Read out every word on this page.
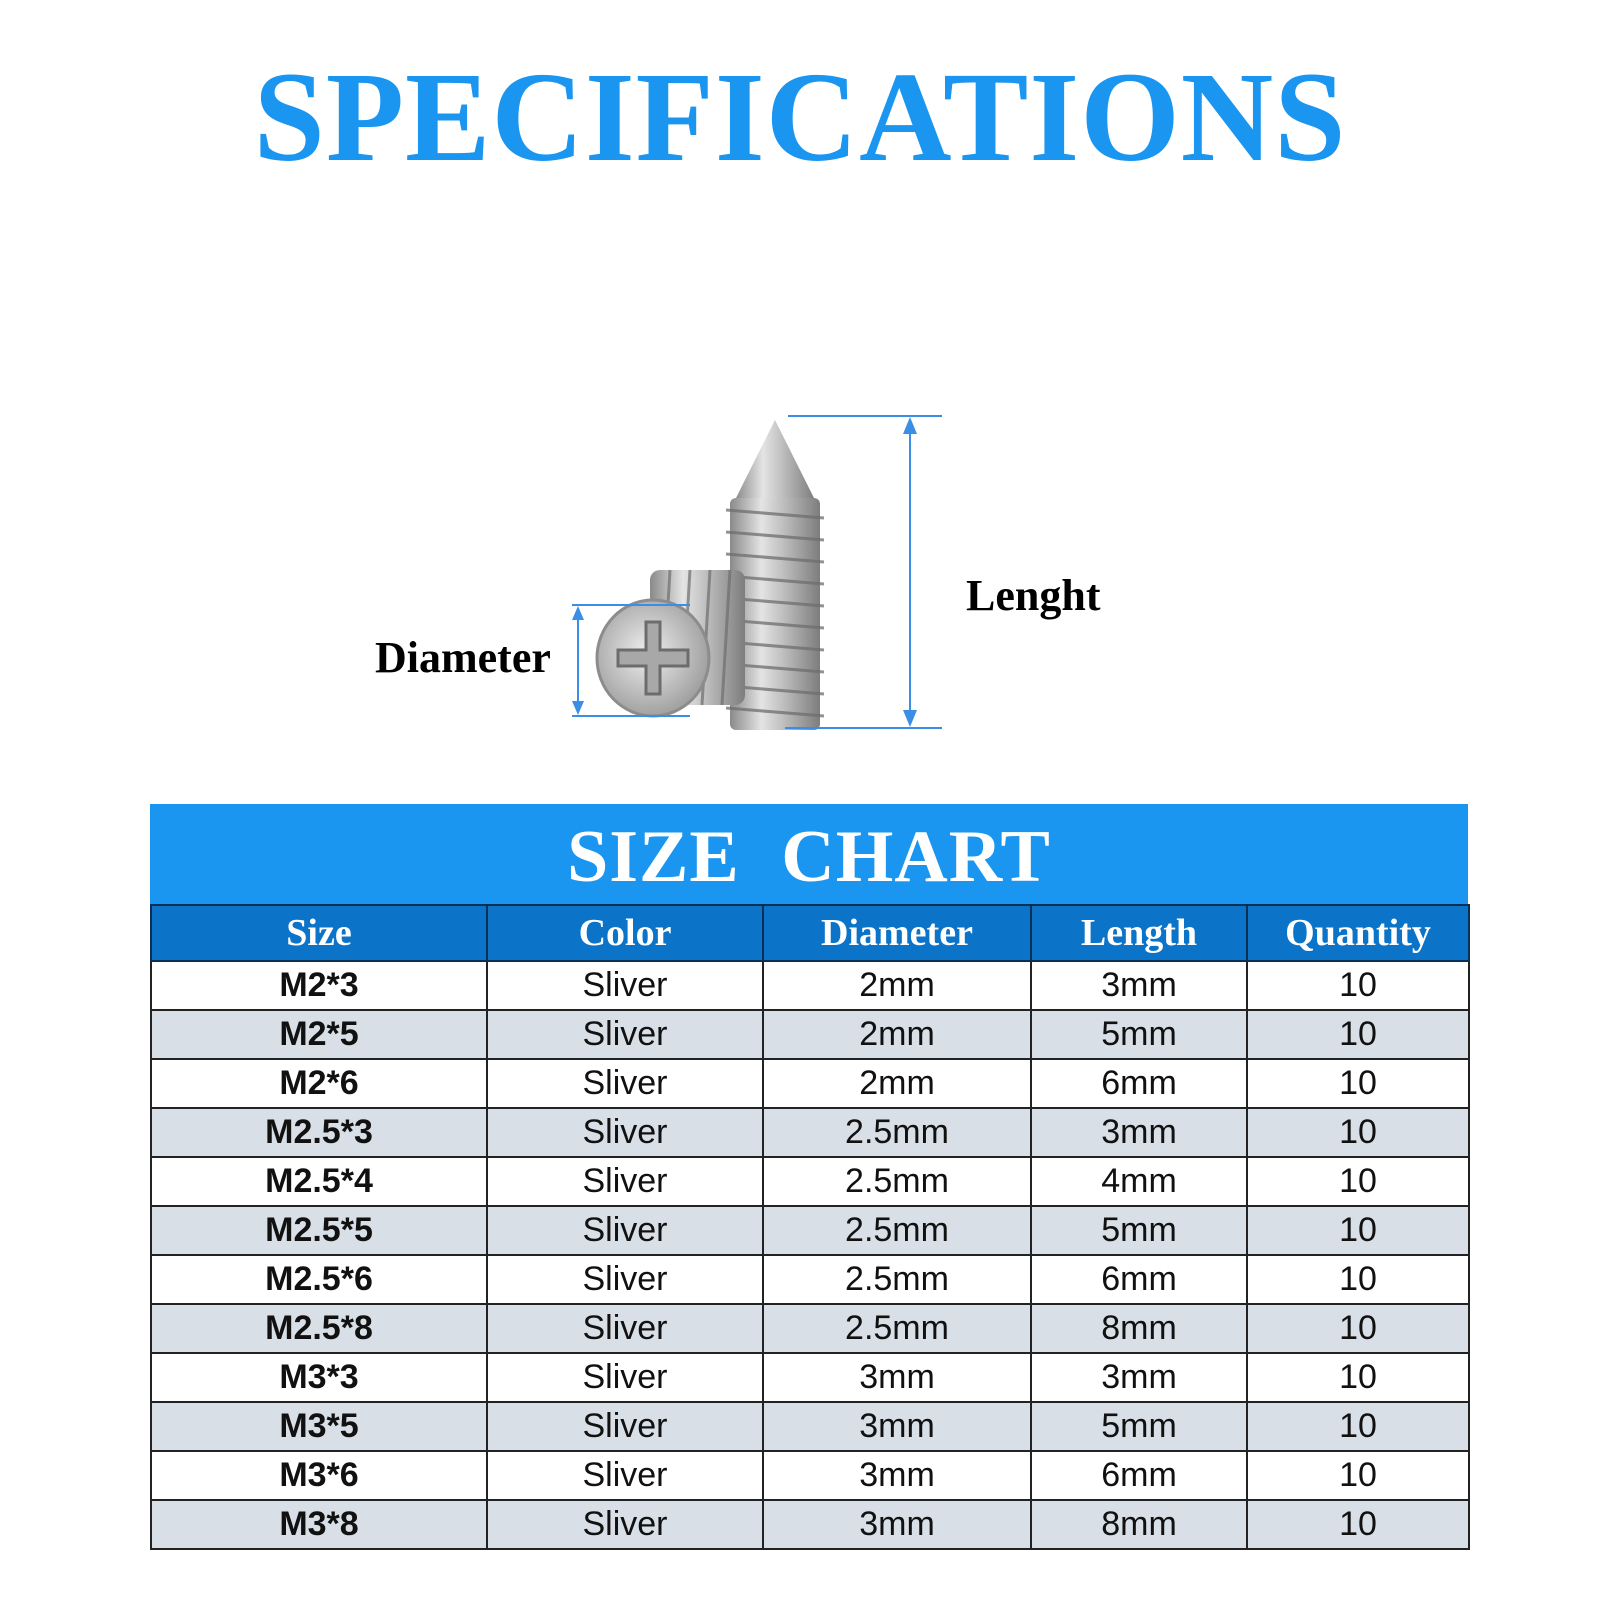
SPECIFICATIONS

Diameter

Lenght

SIZE CHART
Size	Color	Diameter	Length	Quantity
M2*3	Sliver	2mm	3mm	10
M2*5	Sliver	2mm	5mm	10
M2*6	Sliver	2mm	6mm	10
M2.5*3	Sliver	2.5mm	3mm	10
M2.5*4	Sliver	2.5mm	4mm	10
M2.5*5	Sliver	2.5mm	5mm	10
M2.5*6	Sliver	2.5mm	6mm	10
M2.5*8	Sliver	2.5mm	8mm	10
M3*3	Sliver	3mm	3mm	10
M3*5	Sliver	3mm	5mm	10
M3*6	Sliver	3mm	6mm	10
M3*8	Sliver	3mm	8mm	10
